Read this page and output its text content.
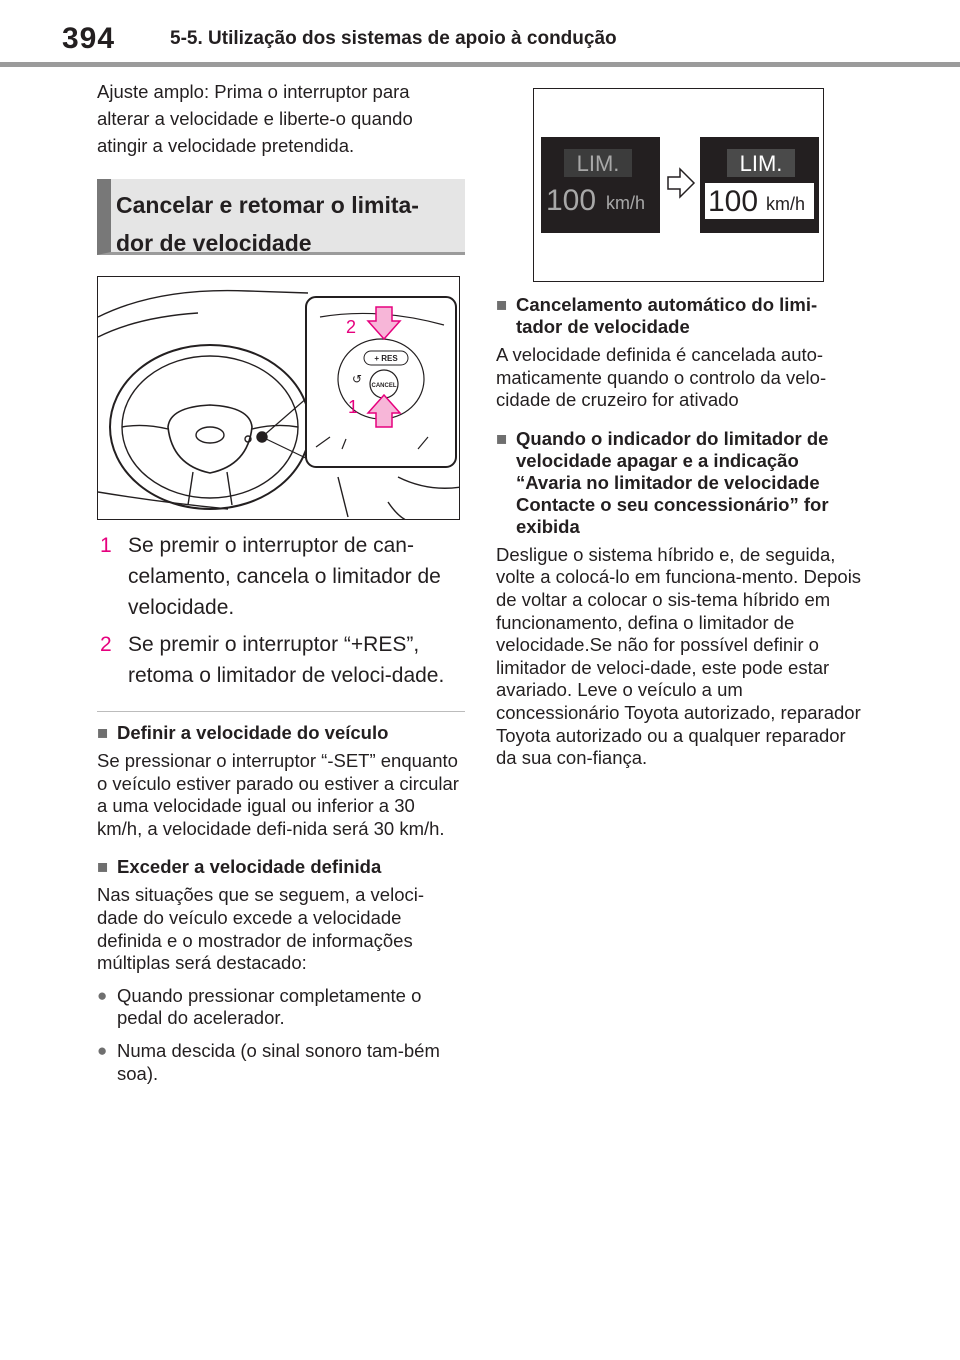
394	5-5. Utilização dos sistemas de apoio à condução

Ajuste amplo: Prima o interruptor para alterar a velocidade e liberte-o quando atingir a velocidade pretendida.

Cancelar e retomar o limita-
dor de velocidade
+ RES
CANCEL
↺
2
1
1 Se premir o interruptor de can-celamento, cancela o limitador de velocidade.
2 Se premir o interruptor “+RES”, retoma o limitador de veloci-dade.
■ Definir a velocidade do veículo

Se pressionar o interruptor “-SET” enquanto o veículo estiver parado ou estiver a circular a uma velocidade igual ou inferior a 30 km/h, a velocidade defi-nida será 30 km/h.

■ Exceder a velocidade definida

Nas situações que se seguem, a veloci-dade do veículo excede a velocidade definida e o mostrador de informações múltiplas será destacado:

● Quando pressionar completamente o pedal do acelerador.
● Numa descida (o sinal sonoro tam-bém soa).
LIM.
100 km/h
LIM.
100 km/h
■ Cancelamento automático do limi-tador de velocidade

A velocidade definida é cancelada auto-maticamente quando o controlo da velo-cidade de cruzeiro for ativado

■ Quando o indicador do limitador de velocidade apagar e a indicação “Avaria no limitador de velocidade Contacte o seu concessionário” for exibida

Desligue o sistema híbrido e, de seguida, volte a colocá-lo em funciona-mento. Depois de voltar a colocar o sis-tema híbrido em funcionamento, defina o limitador de velocidade.Se não for possível definir o limitador de veloci-dade, este pode estar avariado. Leve o veículo a um concessionário Toyota autorizado, reparador Toyota autorizado ou a qualquer reparador da sua con-fiança.
